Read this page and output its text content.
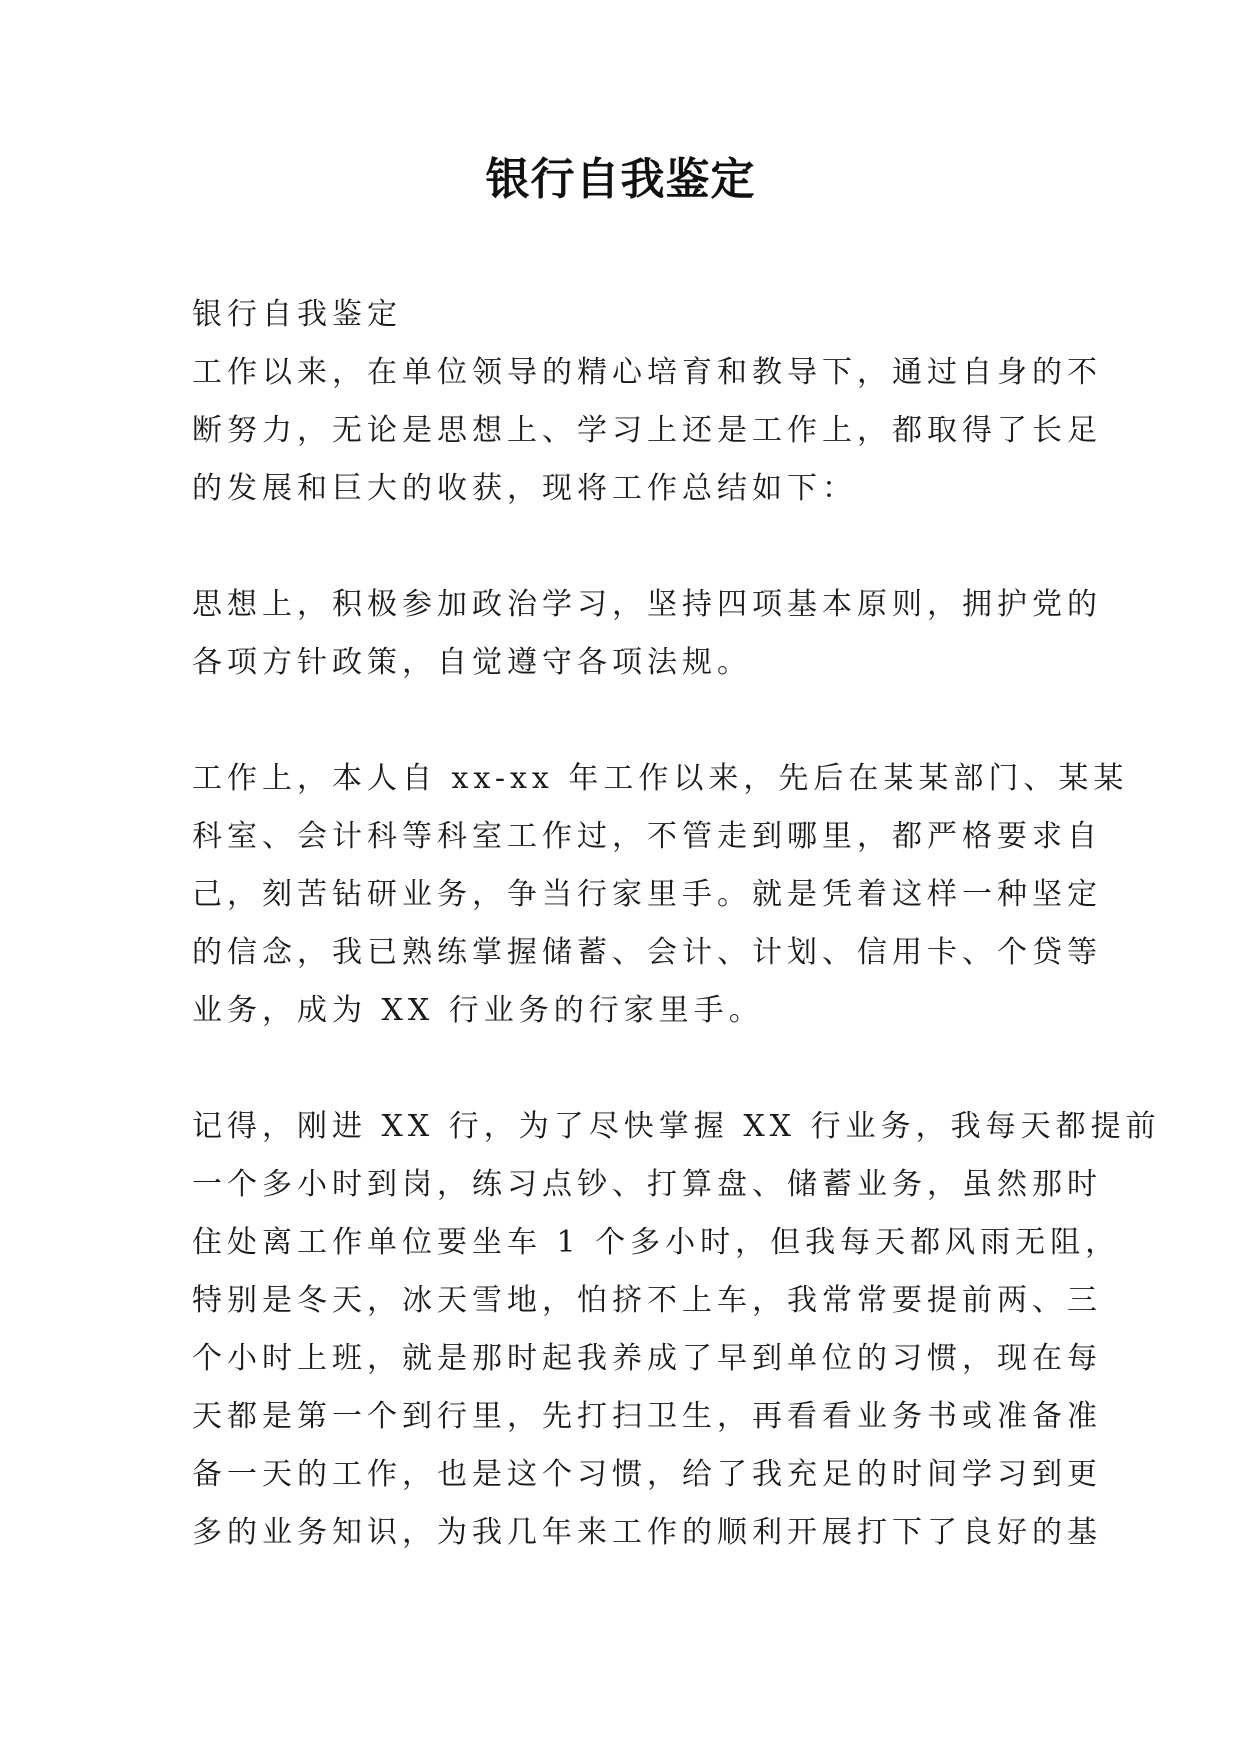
银行自我鉴定
银行自我鉴定
工作以来，在单位领导的精心培育和教导下，通过自身的不
断努力，无论是思想上、学习上还是工作上，都取得了长足
的发展和巨大的收获，现将工作总结如下：
思想上，积极参加政治学习，坚持四项基本原则，拥护党的
各项方针政策，自觉遵守各项法规。
工作上，本人自 xx-xx 年工作以来，先后在某某部门、某某
科室、会计科等科室工作过，不管走到哪里，都严格要求自
己，刻苦钻研业务，争当行家里手。就是凭着这样一种坚定
的信念，我已熟练掌握储蓄、会计、计划、信用卡、个贷等
业务，成为 XX 行业务的行家里手。
记得，刚进 XX 行，为了尽快掌握 XX 行业务，我每天都提前
一个多小时到岗，练习点钞、打算盘、储蓄业务，虽然那时
住处离工作单位要坐车 1 个多小时，但我每天都风雨无阻，
特别是冬天，冰天雪地，怕挤不上车，我常常要提前两、三
个小时上班，就是那时起我养成了早到单位的习惯，现在每
天都是第一个到行里，先打扫卫生，再看看业务书或准备准
备一天的工作，也是这个习惯，给了我充足的时间学习到更
多的业务知识，为我几年来工作的顺利开展打下了良好的基
